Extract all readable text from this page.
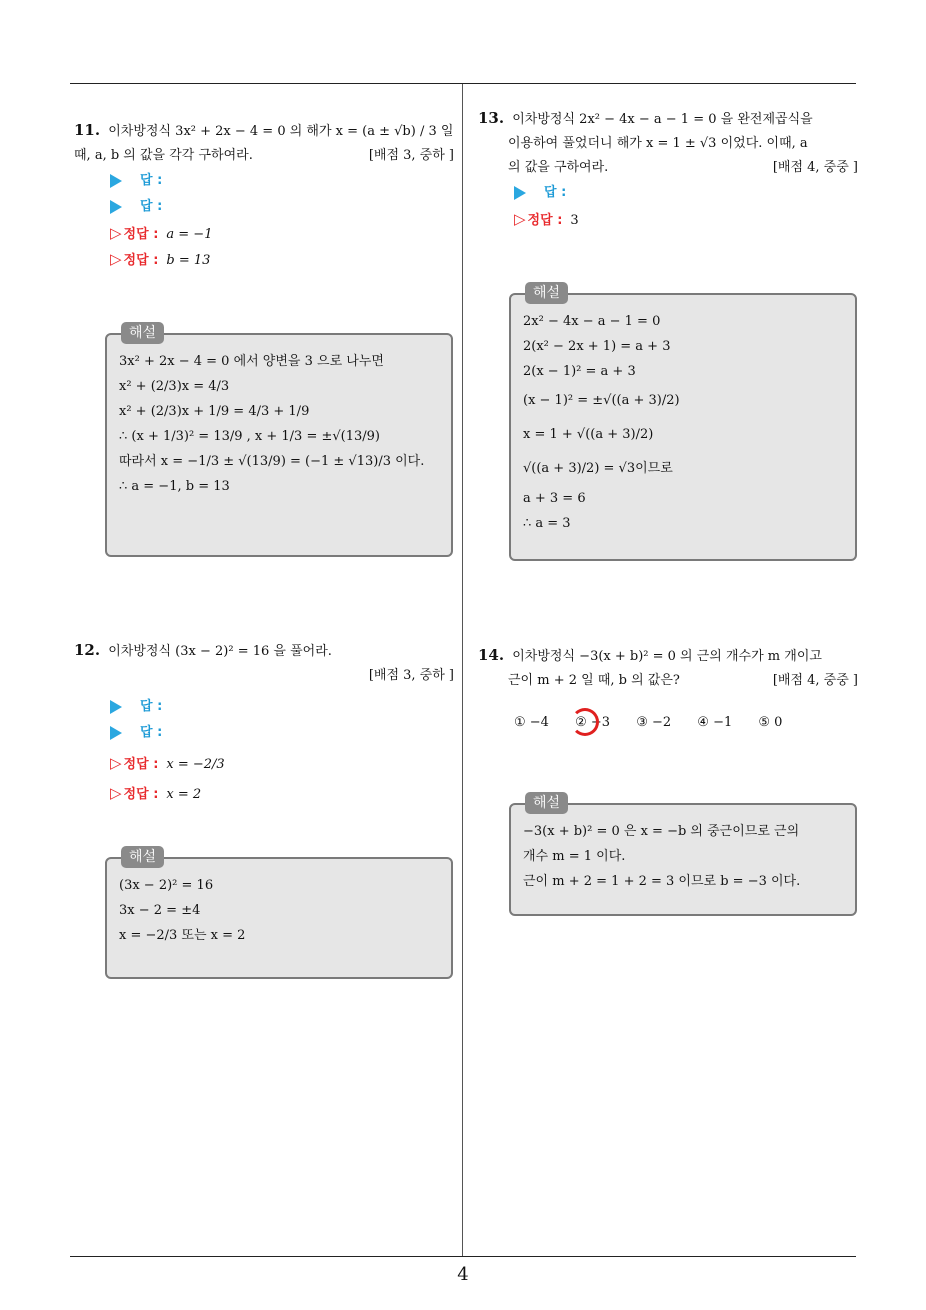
4
11. 이차방정식 3x² + 2x − 4 = 0 의 해가 x = (a ± √b) / 3 일
때, a, b 의 값을 각각 구하여라.	[배점 3, 중하 ]
답 :
답 :
▷ 정답 : a = −1
▷ 정답 : b = 13
해설
3x² + 2x − 4 = 0 에서 양변을 3 으로 나누면
x² + (2/3)x = 4/3
x² + (2/3)x + 1/9 = 4/3 + 1/9
∴ (x + 1/3)² = 13/9 , x + 1/3 = ±√(13/9)
따라서 x = −1/3 ± √(13/9) = (−1 ± √13)/3 이다.
∴ a = −1, b = 13
12. 이차방정식 (3x − 2)² = 16 을 풀어라.
[배점 3, 중하 ]
답 :
답 :
▷ 정답 : x = −2/3
▷ 정답 : x = 2
해설
(3x − 2)² = 16
3x − 2 = ±4
x = −2/3 또는 x = 2
13. 이차방정식 2x² − 4x − a − 1 = 0 을 완전제곱식을
이용하여 풀었더니 해가 x = 1 ± √3 이었다. 이때, a
의 값을 구하여라.	[배점 4, 중중 ]
답 :
▷ 정답 : 3
해설
2x² − 4x − a − 1 = 0
2(x² − 2x + 1) = a + 3
2(x − 1)² = a + 3
(x − 1)² = ±√((a + 3)/2)
x = 1 + √((a + 3)/2)
√((a + 3)/2) = √3이므로
a + 3 = 6
∴ a = 3
14. 이차방정식 −3(x + b)² = 0 의 근의 개수가 m 개이고
근이 m + 2 일 때, b 의 값은?	[배점 4, 중중 ]
① −4 ② −3 ③ −2 ④ −1 ⑤ 0
해설
−3(x + b)² = 0 은 x = −b 의 중근이므로 근의
개수 m = 1 이다.
근이 m + 2 = 1 + 2 = 3 이므로 b = −3 이다.
